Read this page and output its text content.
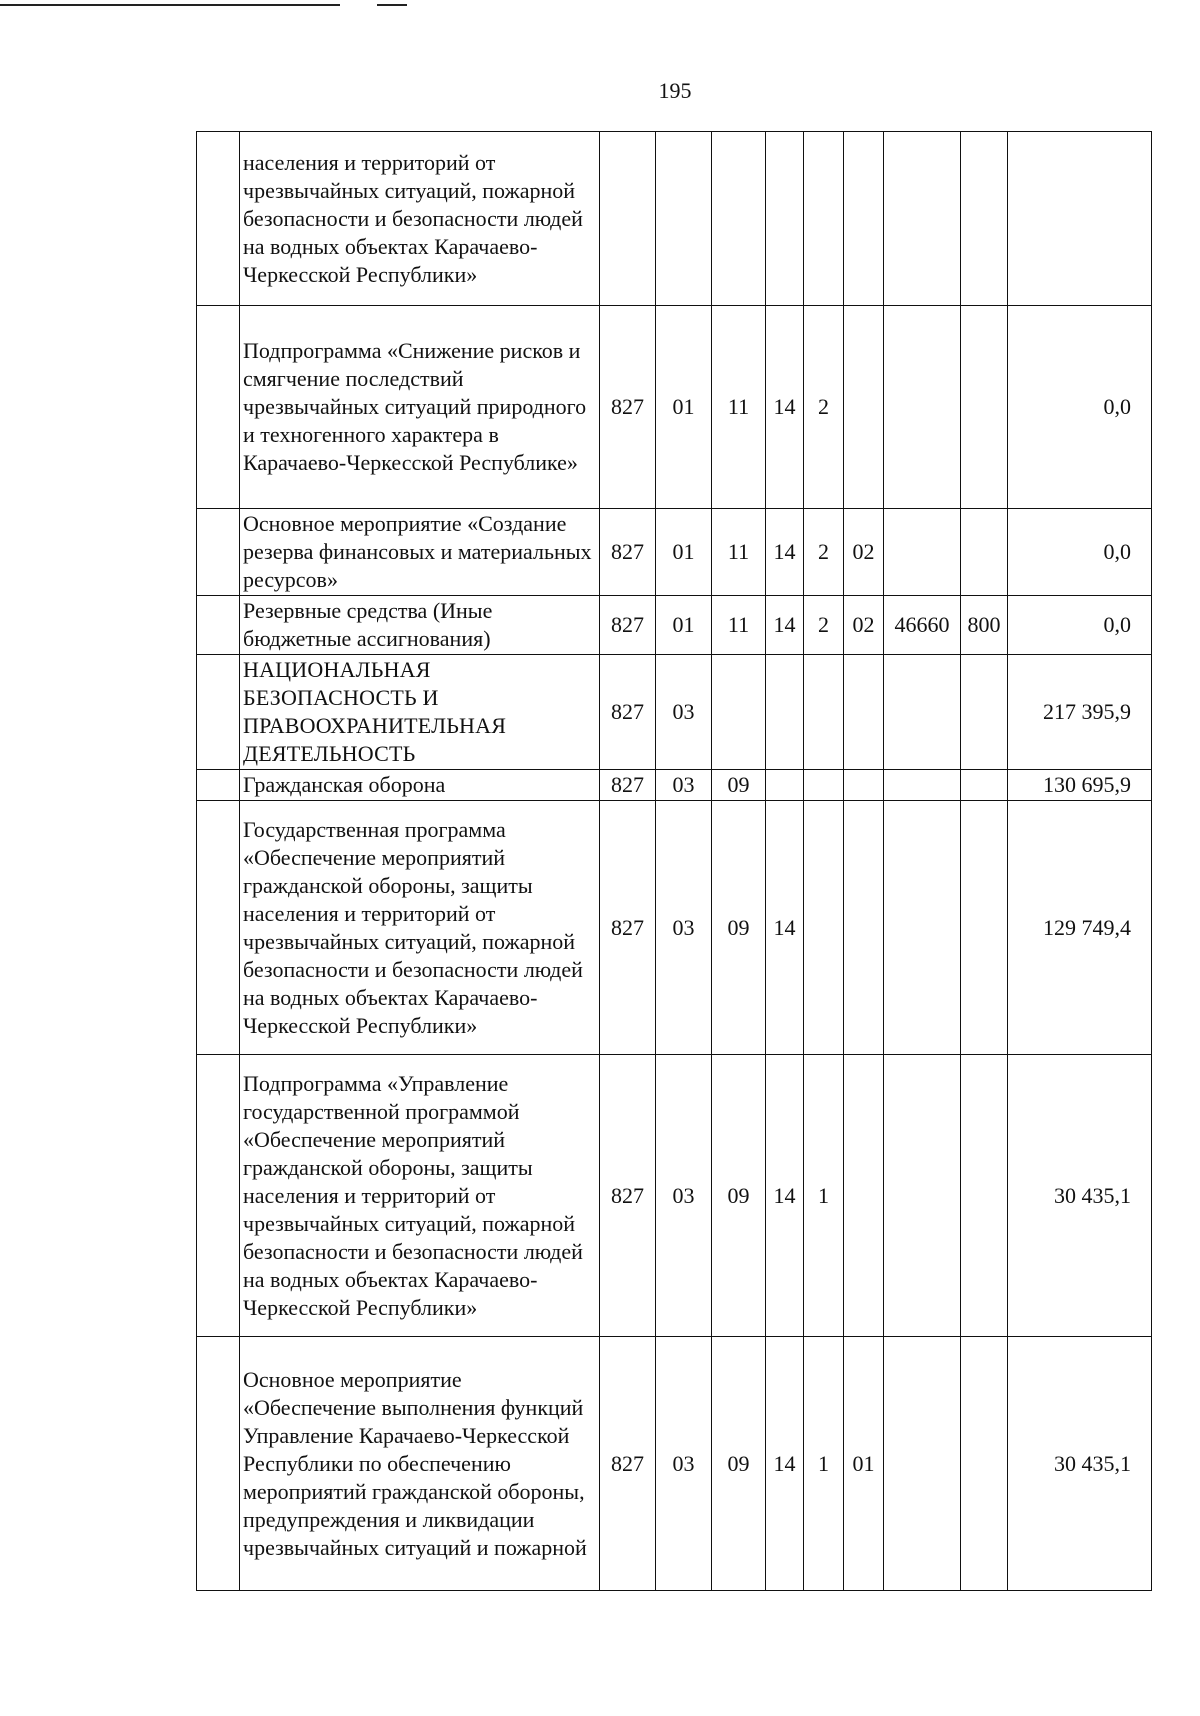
195
	населения и территорий от чрезвычайных ситуаций, пожарной безопасности и безопасности людей на водных объектах Карачаево-Черкесской Республики»									
	Подпрограмма «Снижение рисков и смягчение последствий чрезвычайных ситуаций природного и техногенного характера в Карачаево-Черкесской Республике»	827	01	11	14	2				0,0
	Основное мероприятие «Создание резерва финансовых и материальных ресурсов»	827	01	11	14	2	02			0,0
	Резервные средства (Иные бюджетные ассигнования)	827	01	11	14	2	02	46660	800	0,0
	НАЦИОНАЛЬНАЯ БЕЗОПАСНОСТЬ И ПРАВООХРАНИТЕЛЬНАЯ ДЕЯТЕЛЬНОСТЬ	827	03							217 395,9
	Гражданская оборона	827	03	09						130 695,9
	Государственная программа «Обеспечение мероприятий гражданской обороны, защиты населения и территорий от чрезвычайных ситуаций, пожарной безопасности и безопасности людей на водных объектах Карачаево-Черкесской Республики»	827	03	09	14					129 749,4
	Подпрограмма «Управление государственной программой «Обеспечение мероприятий гражданской обороны, защиты населения и территорий от чрезвычайных ситуаций, пожарной безопасности и безопасности людей на водных объектах Карачаево-Черкесской Республики»	827	03	09	14	1				30 435,1
	Основное мероприятие «Обеспечение выполнения функций Управление Карачаево-Черкесской Республики по обеспечению мероприятий гражданской обороны, предупреждения и ликвидации чрезвычайных ситуаций и пожарной	827	03	09	14	1	01			30 435,1
